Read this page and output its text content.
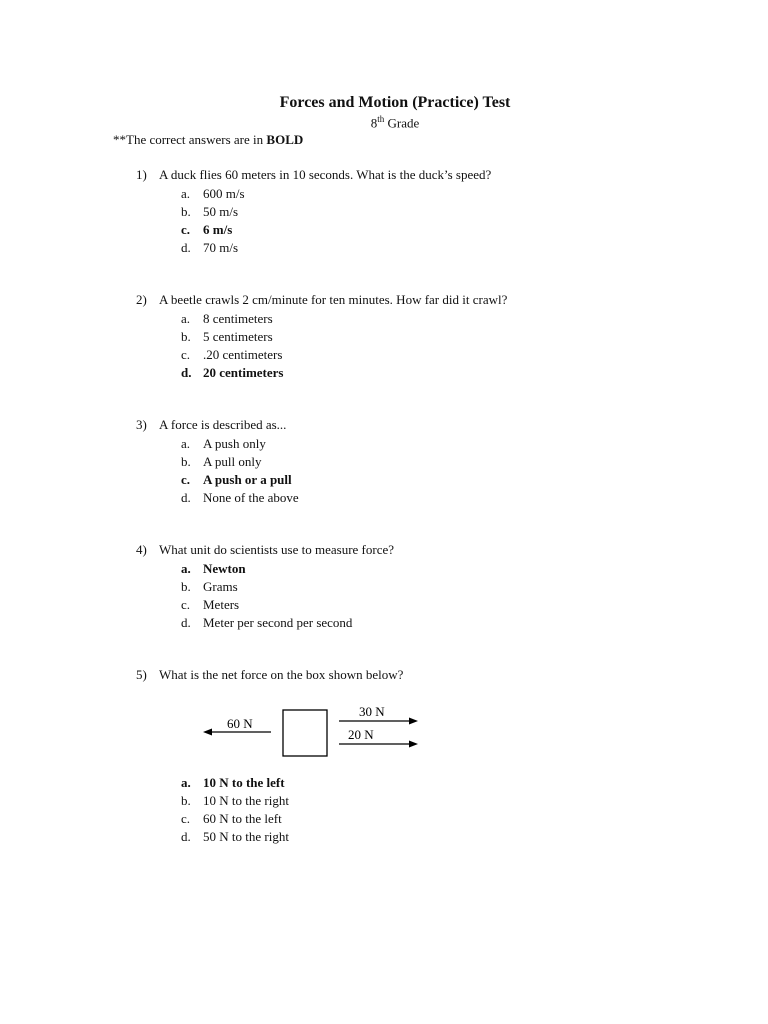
Forces and Motion (Practice) Test
8th Grade
**The correct answers are in BOLD
1) A duck flies 60 meters in 10 seconds. What is the duck’s speed?
a. 600 m/s
b. 50 m/s
c. 6 m/s
d. 70 m/s
2) A beetle crawls 2 cm/minute for ten minutes. How far did it crawl?
a. 8 centimeters
b. 5 centimeters
c. .20 centimeters
d. 20 centimeters
3) A force is described as...
a. A push only
b. A pull only
c. A push or a pull
d. None of the above
4) What unit do scientists use to measure force?
a. Newton
b. Grams
c. Meters
d. Meter per second per second
5) What is the net force on the box shown below?
60 N
30 N
20 N
a. 10 N to the left
b. 10 N to the right
c. 60 N to the left
d. 50 N to the right
